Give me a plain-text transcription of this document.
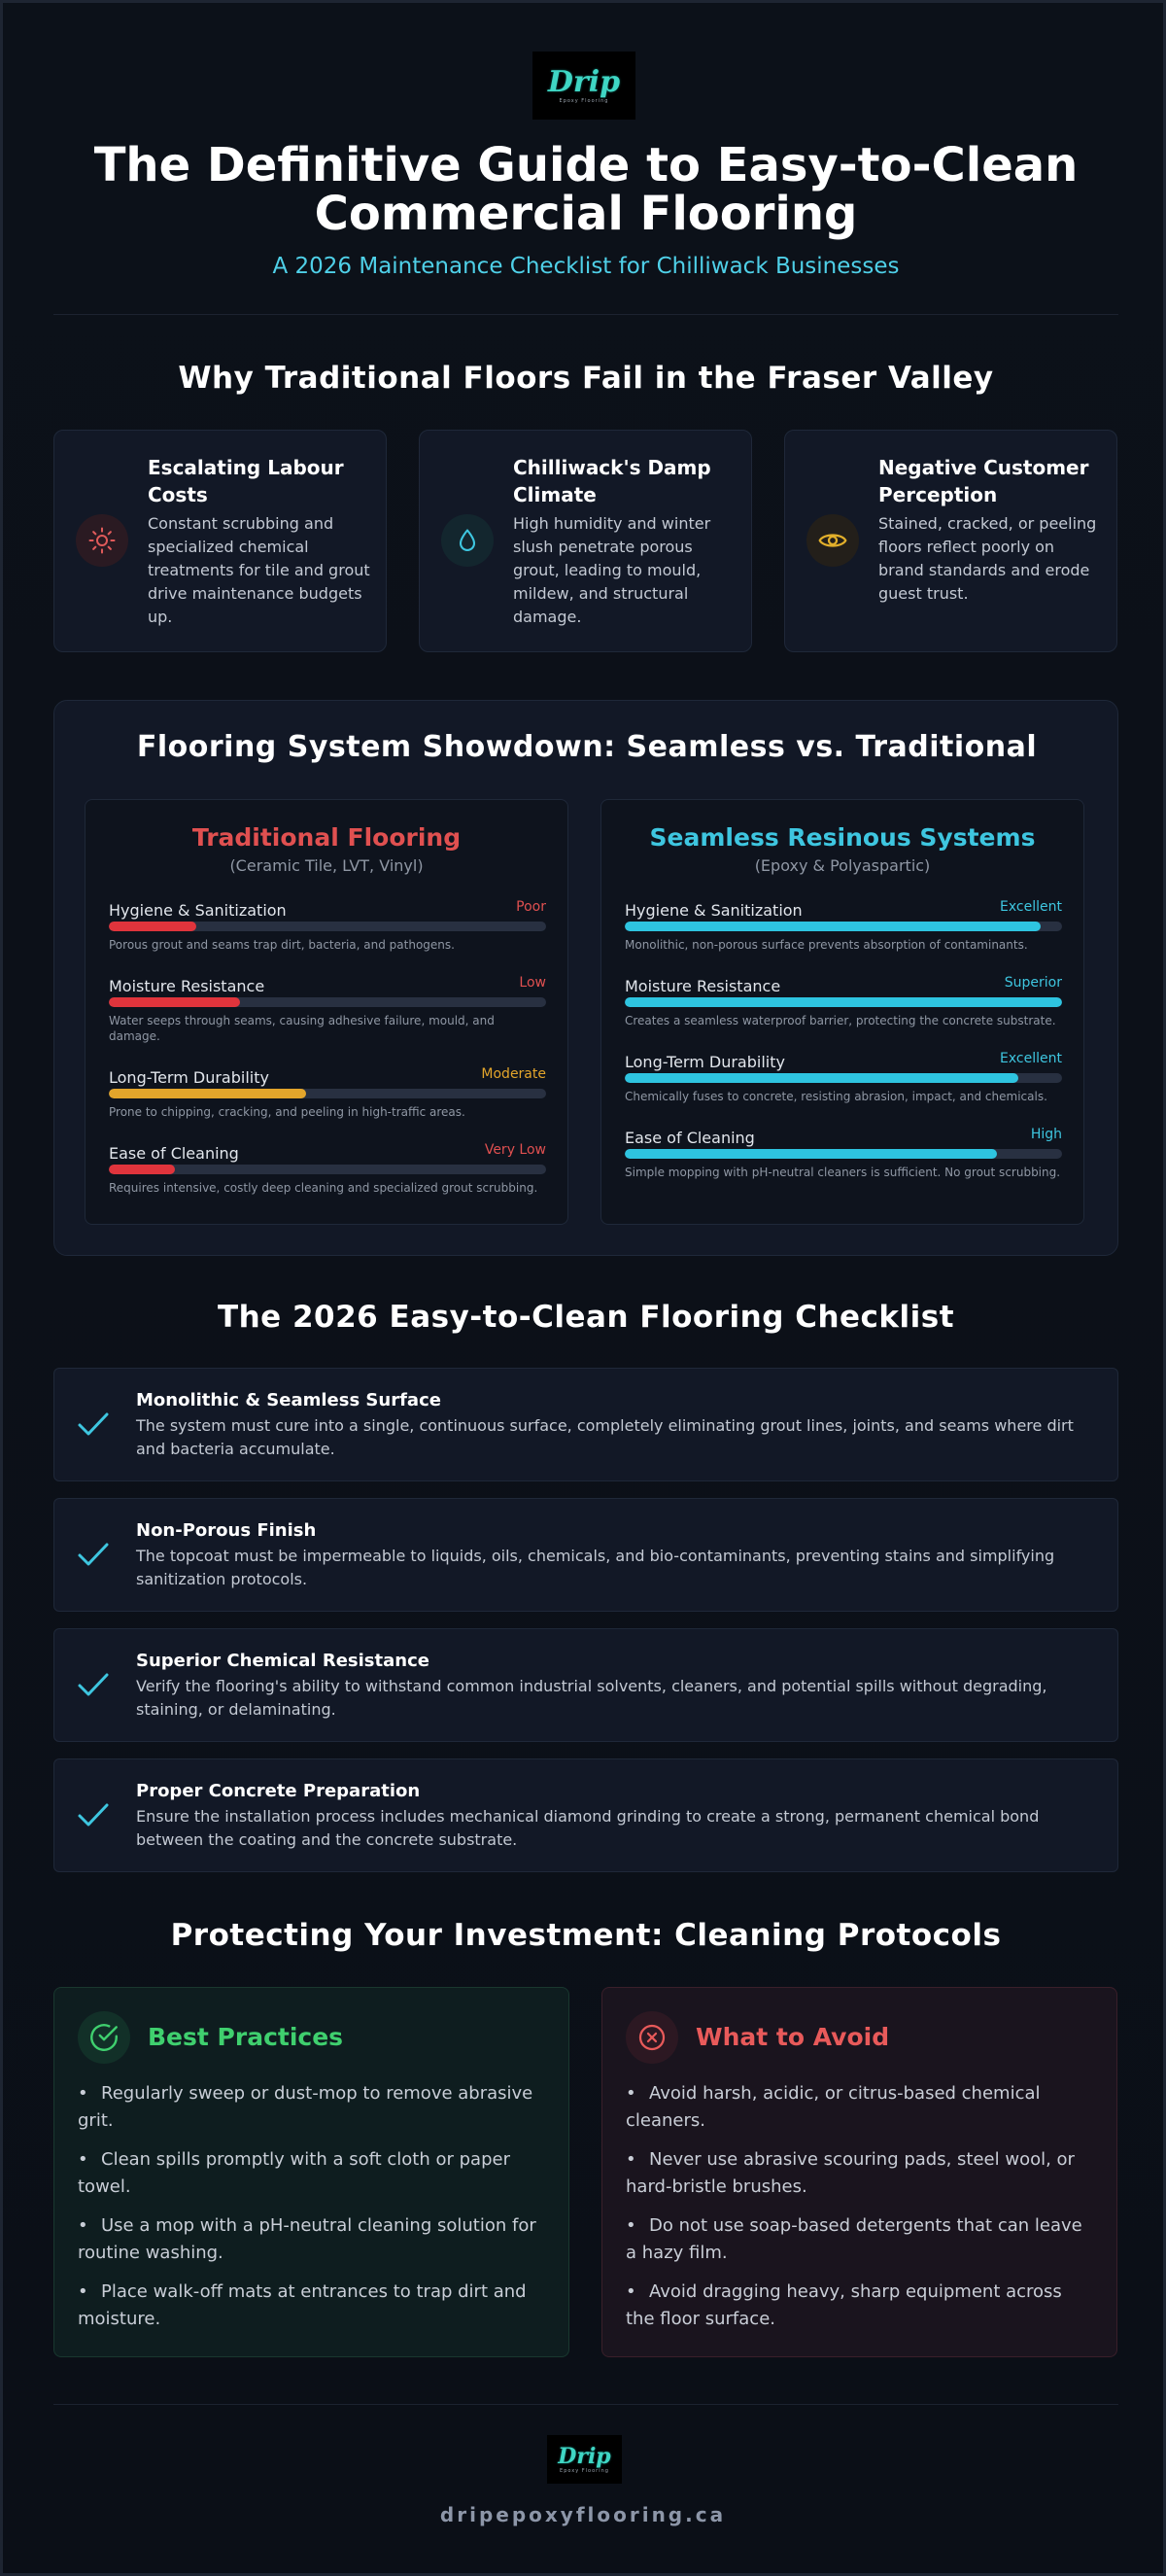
Drip
Epoxy Flooring
The Definitive Guide to Easy-to-Clean Commercial Flooring
A 2026 Maintenance Checklist for Chilliwack Businesses
Why Traditional Floors Fail in the Fraser Valley
Escalating Labour Costs
Constant scrubbing and specialized chemical treatments for tile and grout drive maintenance budgets up.
Chilliwack's Damp Climate
High humidity and winter slush penetrate porous grout, leading to mould, mildew, and structural damage.
Negative Customer Perception
Stained, cracked, or peeling floors reflect poorly on brand standards and erode guest trust.
Flooring System Showdown: Seamless vs. Traditional
Traditional Flooring
(Ceramic Tile, LVT, Vinyl)
Hygiene & Sanitization	Poor
Porous grout and seams trap dirt, bacteria, and pathogens.
Moisture Resistance	Low
Water seeps through seams, causing adhesive failure, mould, and damage.
Long-Term Durability	Moderate
Prone to chipping, cracking, and peeling in high-traffic areas.
Ease of Cleaning	Very Low
Requires intensive, costly deep cleaning and specialized grout scrubbing.
Seamless Resinous Systems
(Epoxy & Polyaspartic)
Hygiene & Sanitization	Excellent
Monolithic, non-porous surface prevents absorption of contaminants.
Moisture Resistance	Superior
Creates a seamless waterproof barrier, protecting the concrete substrate.
Long-Term Durability	Excellent
Chemically fuses to concrete, resisting abrasion, impact, and chemicals.
Ease of Cleaning	High
Simple mopping with pH-neutral cleaners is sufficient. No grout scrubbing.
The 2026 Easy-to-Clean Flooring Checklist
Monolithic & Seamless Surface
The system must cure into a single, continuous surface, completely eliminating grout lines, joints, and seams where dirt and bacteria accumulate.
Non-Porous Finish
The topcoat must be impermeable to liquids, oils, chemicals, and bio-contaminants, preventing stains and simplifying sanitization protocols.
Superior Chemical Resistance
Verify the flooring's ability to withstand common industrial solvents, cleaners, and potential spills without degrading, staining, or delaminating.
Proper Concrete Preparation
Ensure the installation process includes mechanical diamond grinding to create a strong, permanent chemical bond between the coating and the concrete substrate.
Protecting Your Investment: Cleaning Protocols
Best Practices
• Regularly sweep or dust-mop to remove abrasive grit.
• Clean spills promptly with a soft cloth or paper towel.
• Use a mop with a pH-neutral cleaning solution for routine washing.
• Place walk-off mats at entrances to trap dirt and moisture.
What to Avoid
• Avoid harsh, acidic, or citrus-based chemical cleaners.
• Never use abrasive scouring pads, steel wool, or hard-bristle brushes.
• Do not use soap-based detergents that can leave a hazy film.
• Avoid dragging heavy, sharp equipment across the floor surface.
Drip
Epoxy Flooring
dripepoxyflooring.ca
